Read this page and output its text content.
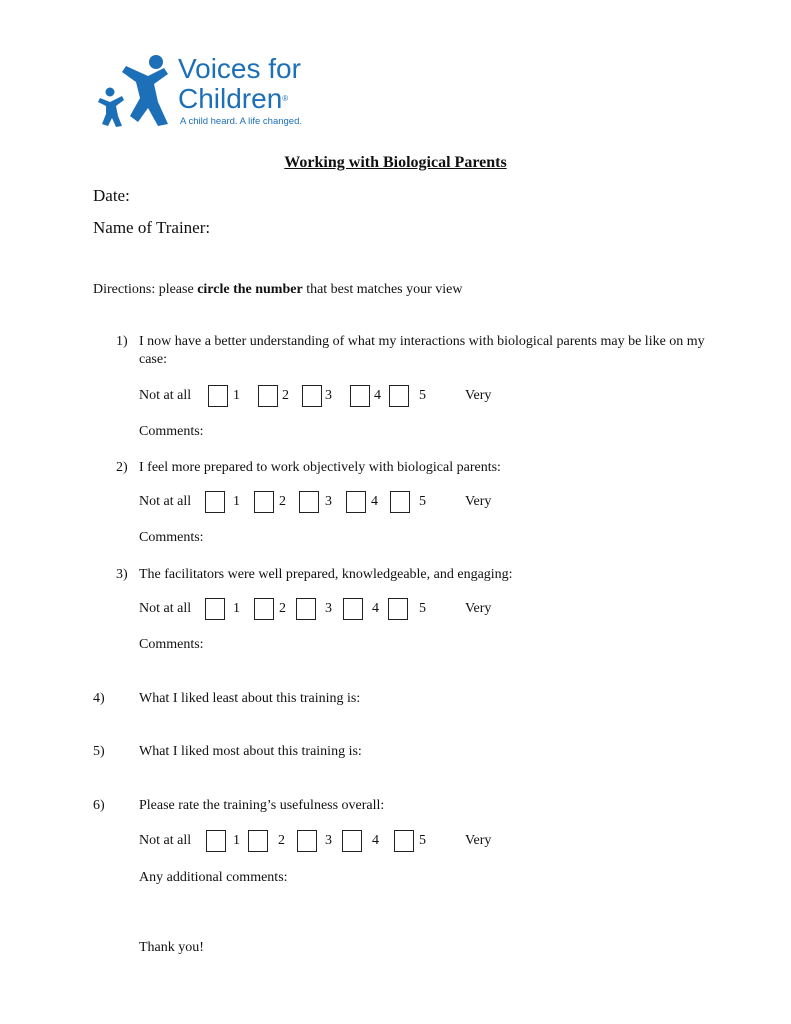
Voices for
Children®
A child heard. A life changed.
Working with Biological Parents
Date:
Name of Trainer:
Directions: please circle the number that best matches your view
1) I now have a better understanding of what my interactions with biological parents may be like on my case:
Not at all	1	2	3	4	5	Very
Comments:
2) I feel more prepared to work objectively with biological parents:
Not at all	1	2	3	4	5	Very
Comments:
3) The facilitators were well prepared, knowledgeable, and engaging:
Not at all	1	2	3	4	5	Very
Comments:
4) What I liked least about this training is:
5) What I liked most about this training is:
6) Please rate the training’s usefulness overall:
Not at all	1	2	3	4	5	Very
Any additional comments:
Thank you!
